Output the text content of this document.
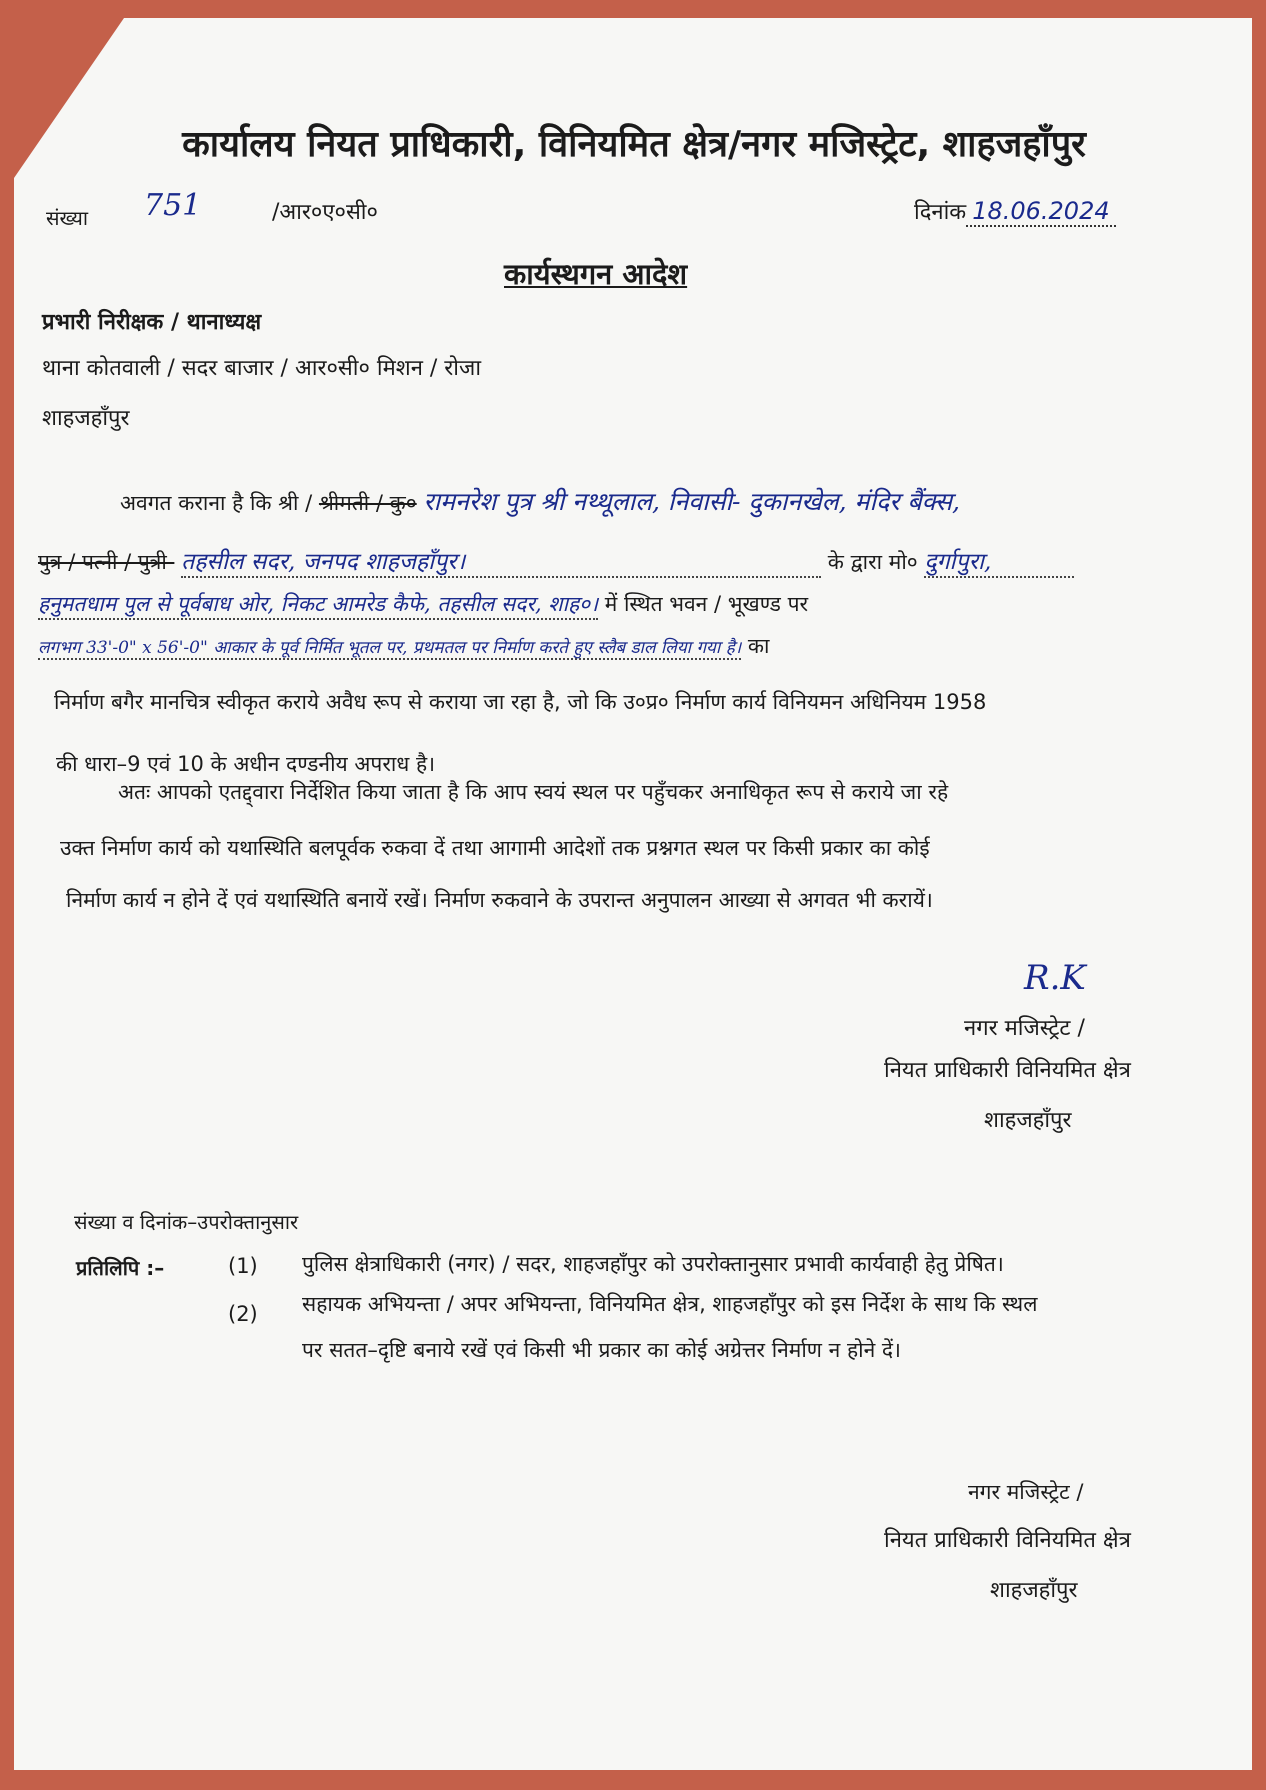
कार्यालय नियत प्राधिकारी, विनियमित क्षेत्र/नगर मजिस्ट्रेट, शाहजहाँपुर
संख्या 751	/आर०ए०सी०	दिनांक 18.06.2024
कार्यस्थगन आदेश
प्रभारी निरीक्षक / थानाध्यक्ष
थाना कोतवाली / सदर बाजार / आर०सी० मिशन / रोजा
शाहजहाँपुर
अवगत कराना है कि श्री / श्रीमती / कु० रामनरेश पुत्र श्री नथ्थूलाल, निवासी- दुकानखेल, मंदिर बैंक्स,
पुत्र / पत्नी / पुत्री- तहसील सदर, जनपद शाहजहाँपुर।	के द्वारा मो० दुर्गापुरा,
हनुमतधाम पुल से पूर्वबाध ओर, निकट आमरेड कैफे, तहसील सदर, शाह०। में स्थित भवन / भूखण्ड पर
लगभग 33'-0" x 56'-0" आकार के पूर्व निर्मित भूतल पर, प्रथमतल पर निर्माण करते हुए स्लैब डाल लिया गया है। का
निर्माण बगैर मानचित्र स्वीकृत कराये अवैध रूप से कराया जा रहा है, जो कि उ०प्र० निर्माण कार्य विनियमन अधिनियम 1958
की धारा–9 एवं 10 के अधीन दण्डनीय अपराध है।
अतः आपको एतद्द्वारा निर्देशित किया जाता है कि आप स्वयं स्थल पर पहुँचकर अनाधिकृत रूप से कराये जा रहे
उक्त निर्माण कार्य को यथास्थिति बलपूर्वक रुकवा दें तथा आगामी आदेशों तक प्रश्नगत स्थल पर किसी प्रकार का कोई
निर्माण कार्य न होने दें एवं यथास्थिति बनायें रखें। निर्माण रुकवाने के उपरान्त अनुपालन आख्या से अगवत भी करायें।
R.K
नगर मजिस्ट्रेट /
नियत प्राधिकारी विनियमित क्षेत्र
शाहजहाँपुर
संख्या व दिनांक–उपरोक्तानुसार
प्रतिलिपि :–	(1) पुलिस क्षेत्राधिकारी (नगर) / सदर, शाहजहाँपुर को उपरोक्तानुसार प्रभावी कार्यवाही हेतु प्रेषित।
(2) सहायक अभियन्ता / अपर अभियन्ता, विनियमित क्षेत्र, शाहजहाँपुर को इस निर्देश के साथ कि स्थल
पर सतत–दृष्टि बनाये रखें एवं किसी भी प्रकार का कोई अग्रेत्तर निर्माण न होने दें।
नगर मजिस्ट्रेट /
नियत प्राधिकारी विनियमित क्षेत्र
शाहजहाँपुर
